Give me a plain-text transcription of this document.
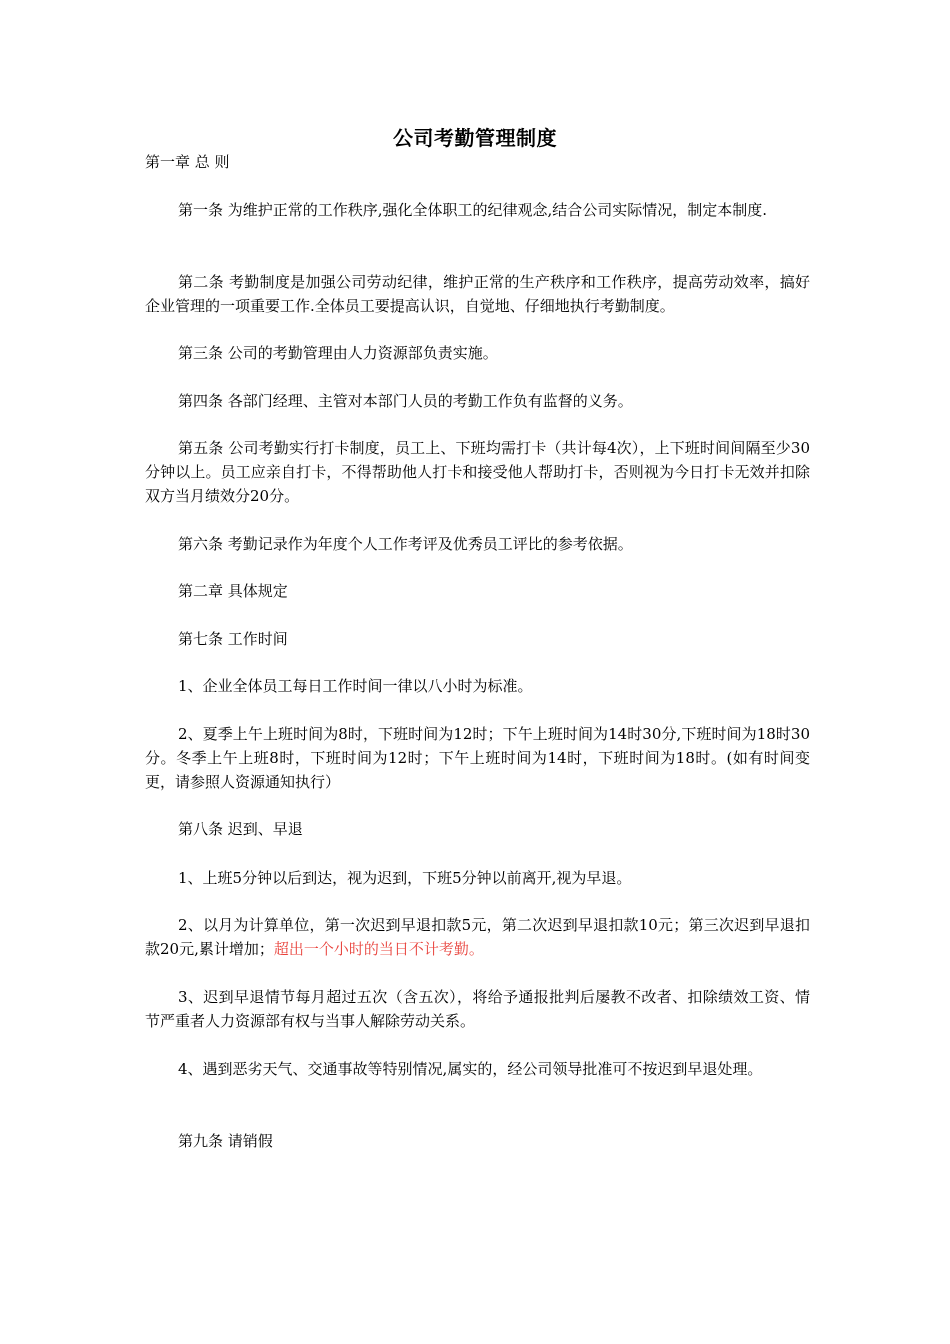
公司考勤管理制度

第一章 总 则

第一条 为维护正常的工作秩序,强化全体职工的纪律观念,结合公司实际情况，制定本制度.

第二条 考勤制度是加强公司劳动纪律，维护正常的生产秩序和工作秩序，提高劳动效率，搞好企业管理的一项重要工作.全体员工要提高认识，自觉地、仔细地执行考勤制度。

第三条 公司的考勤管理由人力资源部负责实施。

第四条 各部门经理、主管对本部门人员的考勤工作负有监督的义务。

第五条 公司考勤实行打卡制度，员工上、下班均需打卡（共计每4次），上下班时间间隔至少30分钟以上。员工应亲自打卡，不得帮助他人打卡和接受他人帮助打卡，否则视为今日打卡无效并扣除双方当月绩效分20分。

第六条 考勤记录作为年度个人工作考评及优秀员工评比的参考依据。

第二章 具体规定

第七条 工作时间

1、企业全体员工每日工作时间一律以八小时为标准。

2、夏季上午上班时间为8时，下班时间为12时；下午上班时间为14时30分,下班时间为18时30分。冬季上午上班8时，下班时间为12时；下午上班时间为14时，下班时间为18时。(如有时间变更，请参照人资源通知执行）

第八条 迟到、早退

1、上班5分钟以后到达，视为迟到，下班5分钟以前离开,视为早退。

2、以月为计算单位，第一次迟到早退扣款5元，第二次迟到早退扣款10元；第三次迟到早退扣款20元,累计增加；超出一个小时的当日不计考勤。

3、迟到早退情节每月超过五次（含五次），将给予通报批判后屡教不改者、扣除绩效工资、情节严重者人力资源部有权与当事人解除劳动关系。

4、遇到恶劣天气、交通事故等特别情况,属实的，经公司领导批准可不按迟到早退处理。

第九条 请销假
